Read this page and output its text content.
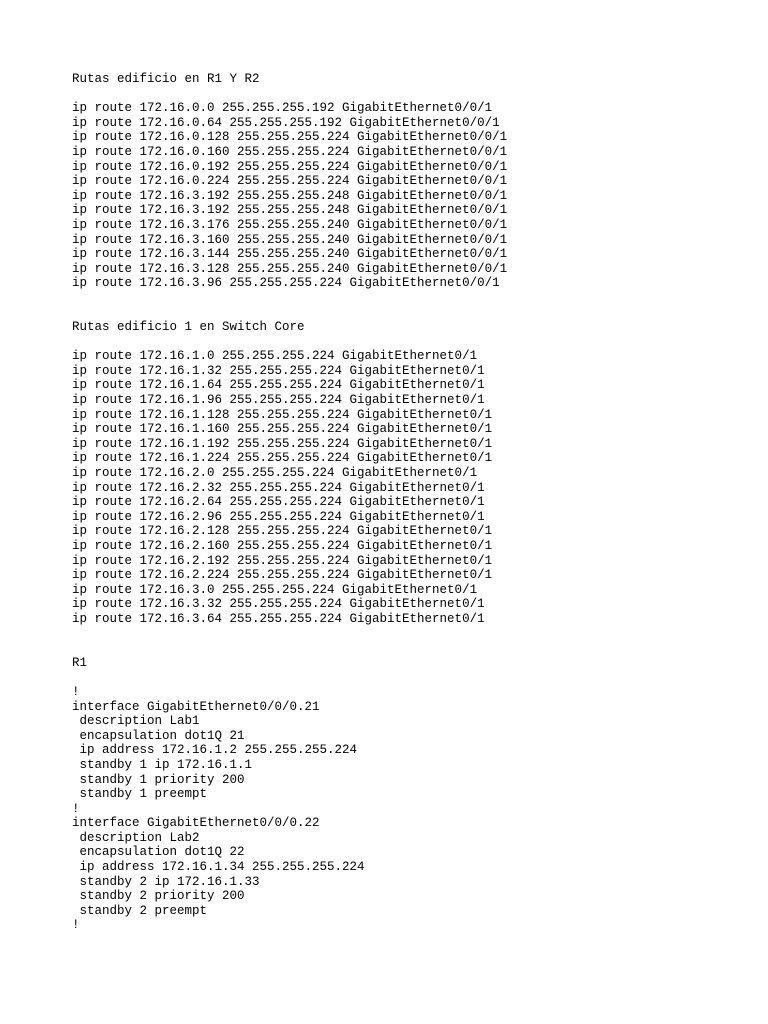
Rutas edificio en R1 Y R2
ip route 172.16.0.0 255.255.255.192 GigabitEthernet0/0/1
ip route 172.16.0.64 255.255.255.192 GigabitEthernet0/0/1
ip route 172.16.0.128 255.255.255.224 GigabitEthernet0/0/1
ip route 172.16.0.160 255.255.255.224 GigabitEthernet0/0/1
ip route 172.16.0.192 255.255.255.224 GigabitEthernet0/0/1
ip route 172.16.0.224 255.255.255.224 GigabitEthernet0/0/1
ip route 172.16.3.192 255.255.255.248 GigabitEthernet0/0/1
ip route 172.16.3.192 255.255.255.248 GigabitEthernet0/0/1
ip route 172.16.3.176 255.255.255.240 GigabitEthernet0/0/1
ip route 172.16.3.160 255.255.255.240 GigabitEthernet0/0/1
ip route 172.16.3.144 255.255.255.240 GigabitEthernet0/0/1
ip route 172.16.3.128 255.255.255.240 GigabitEthernet0/0/1
ip route 172.16.3.96 255.255.255.224 GigabitEthernet0/0/1
Rutas edificio 1 en Switch Core
ip route 172.16.1.0 255.255.255.224 GigabitEthernet0/1
ip route 172.16.1.32 255.255.255.224 GigabitEthernet0/1
ip route 172.16.1.64 255.255.255.224 GigabitEthernet0/1
ip route 172.16.1.96 255.255.255.224 GigabitEthernet0/1
ip route 172.16.1.128 255.255.255.224 GigabitEthernet0/1
ip route 172.16.1.160 255.255.255.224 GigabitEthernet0/1
ip route 172.16.1.192 255.255.255.224 GigabitEthernet0/1
ip route 172.16.1.224 255.255.255.224 GigabitEthernet0/1
ip route 172.16.2.0 255.255.255.224 GigabitEthernet0/1
ip route 172.16.2.32 255.255.255.224 GigabitEthernet0/1
ip route 172.16.2.64 255.255.255.224 GigabitEthernet0/1
ip route 172.16.2.96 255.255.255.224 GigabitEthernet0/1
ip route 172.16.2.128 255.255.255.224 GigabitEthernet0/1
ip route 172.16.2.160 255.255.255.224 GigabitEthernet0/1
ip route 172.16.2.192 255.255.255.224 GigabitEthernet0/1
ip route 172.16.2.224 255.255.255.224 GigabitEthernet0/1
ip route 172.16.3.0 255.255.255.224 GigabitEthernet0/1
ip route 172.16.3.32 255.255.255.224 GigabitEthernet0/1
ip route 172.16.3.64 255.255.255.224 GigabitEthernet0/1
R1
!
interface GigabitEthernet0/0/0.21
description Lab1
encapsulation dot1Q 21
ip address 172.16.1.2 255.255.255.224
standby 1 ip 172.16.1.1
standby 1 priority 200
standby 1 preempt
!
interface GigabitEthernet0/0/0.22
description Lab2
encapsulation dot1Q 22
ip address 172.16.1.34 255.255.255.224
standby 2 ip 172.16.1.33
standby 2 priority 200
standby 2 preempt
!
